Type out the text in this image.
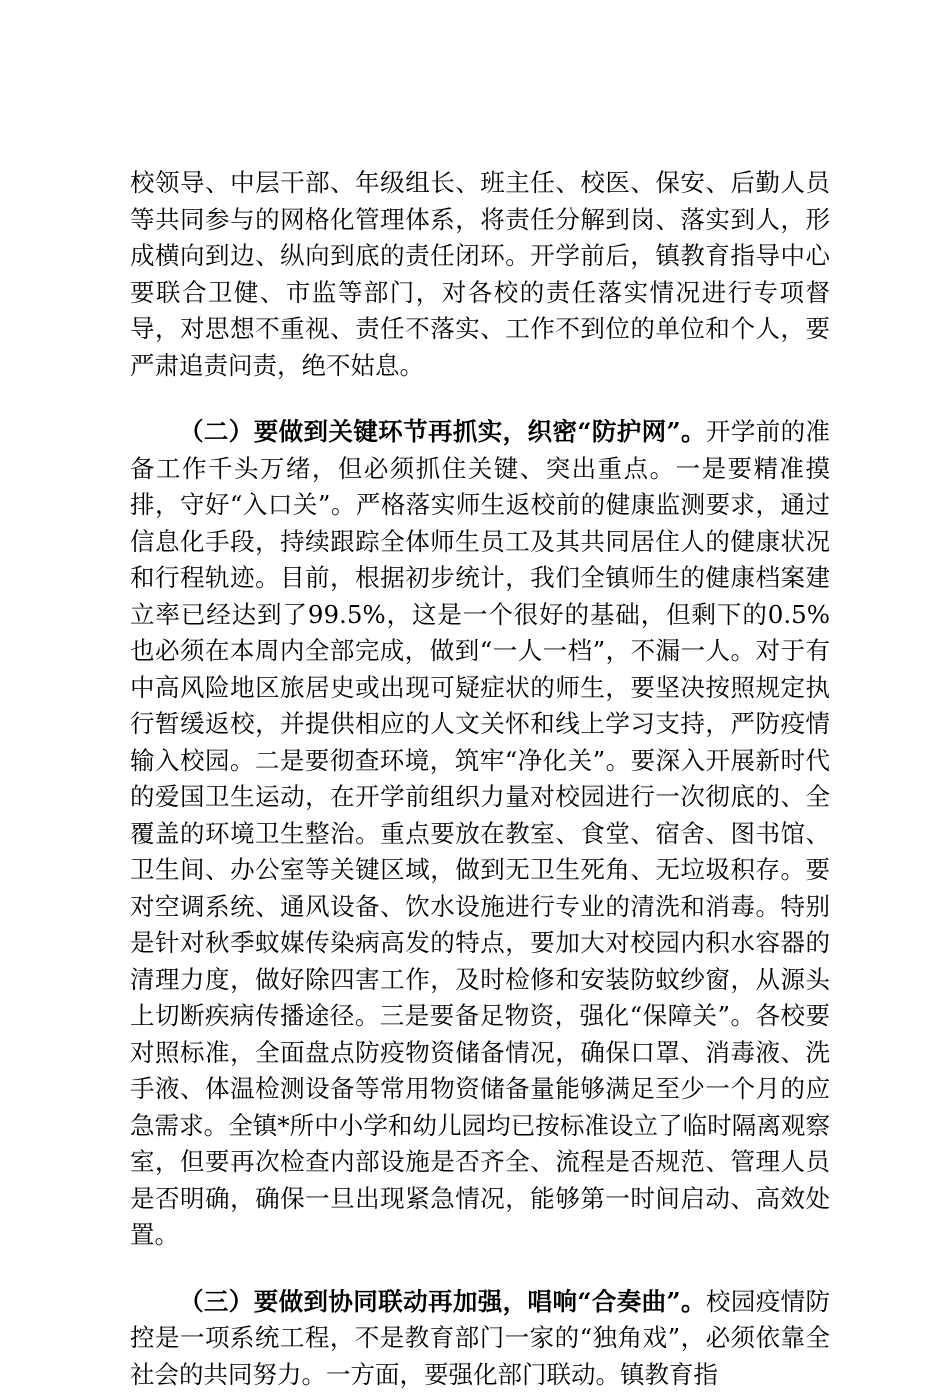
校领导、中层干部、年级组长、班主任、校医、保安、后勤人员等共同参与的网格化管理体系，将责任分解到岗、落实到人，形成横向到边、纵向到底的责任闭环。开学前后，镇教育指导中心要联合卫健、市监等部门，对各校的责任落实情况进行专项督导，对思想不重视、责任不落实、工作不到位的单位和个人，要严肃追责问责，绝不姑息。

（二）要做到关键环节再抓实，织密“防护网”。开学前的准备工作千头万绪，但必须抓住关键、突出重点。一是要精准摸排，守好“入口关”。严格落实师生返校前的健康监测要求，通过信息化手段，持续跟踪全体师生员工及其共同居住人的健康状况和行程轨迹。目前，根据初步统计，我们全镇师生的健康档案建立率已经达到了99.5%，这是一个很好的基础，但剩下的0.5%也必须在本周内全部完成，做到“一人一档”，不漏一人。对于有中高风险地区旅居史或出现可疑症状的师生，要坚决按照规定执行暂缓返校，并提供相应的人文关怀和线上学习支持，严防疫情输入校园。二是要彻查环境，筑牢“净化关”。要深入开展新时代的爱国卫生运动，在开学前组织力量对校园进行一次彻底的、全覆盖的环境卫生整治。重点要放在教室、食堂、宿舍、图书馆、卫生间、办公室等关键区域，做到无卫生死角、无垃圾积存。要对空调系统、通风设备、饮水设施进行专业的清洗和消毒。特别是针对秋季蚊媒传染病高发的特点，要加大对校园内积水容器的清理力度，做好除四害工作，及时检修和安装防蚊纱窗，从源头上切断疾病传播途径。三是要备足物资，强化“保障关”。各校要对照标准，全面盘点防疫物资储备情况，确保口罩、消毒液、洗手液、体温检测设备等常用物资储备量能够满足至少一个月的应急需求。全镇*所中小学和幼儿园均已按标准设立了临时隔离观察室，但要再次检查内部设施是否齐全、流程是否规范、管理人员是否明确，确保一旦出现紧急情况，能够第一时间启动、高效处置。

（三）要做到协同联动再加强，唱响“合奏曲”。校园疫情防控是一项系统工程，不是教育部门一家的“独角戏”，必须依靠全社会的共同努力。一方面，要强化部门联动。镇教育指
